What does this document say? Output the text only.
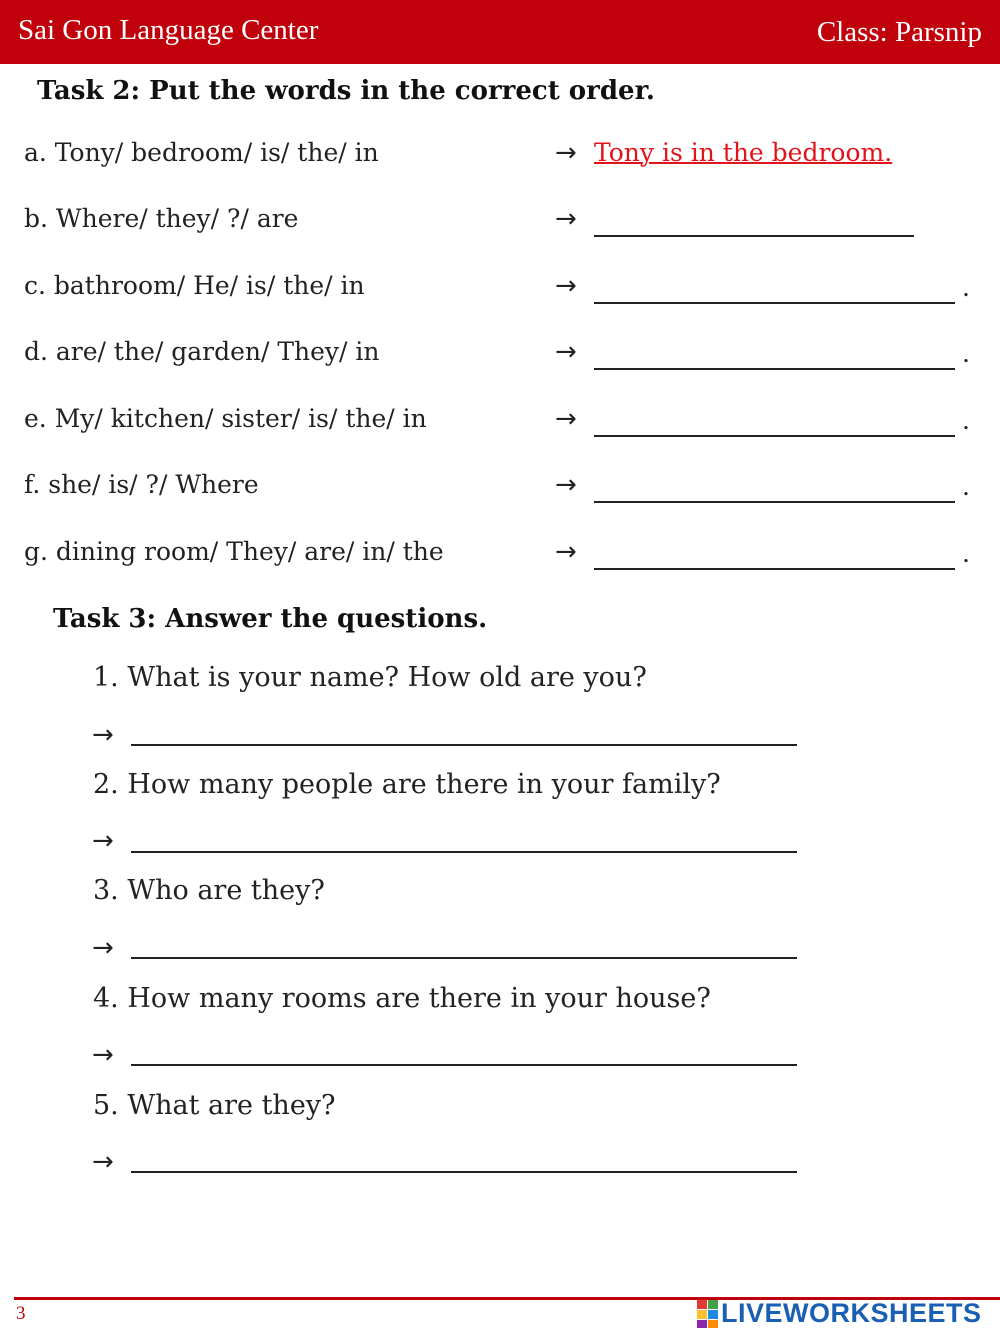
Sai Gon Language Center	Class: Parsnip
Task 2: Put the words in the correct order.
a. Tony/ bedroom/ is/ the/ in	→ Tony is in the bedroom.
b. Where/ they/ ?/ are	→
c. bathroom/ He/ is/ the/ in	→	.
d. are/ the/ garden/ They/ in	→	.
e. My/ kitchen/ sister/ is/ the/ in	→	.
f. she/ is/ ?/ Where	→	.
g. dining room/ They/ are/ in/ the	→	.
Task 3: Answer the questions.
1. What is your name? How old are you?
→
2. How many people are there in your family?
→
3. Who are they?
→
4. How many rooms are there in your house?
→
5. What are they?
→
3	LIVEWORKSHEETS
